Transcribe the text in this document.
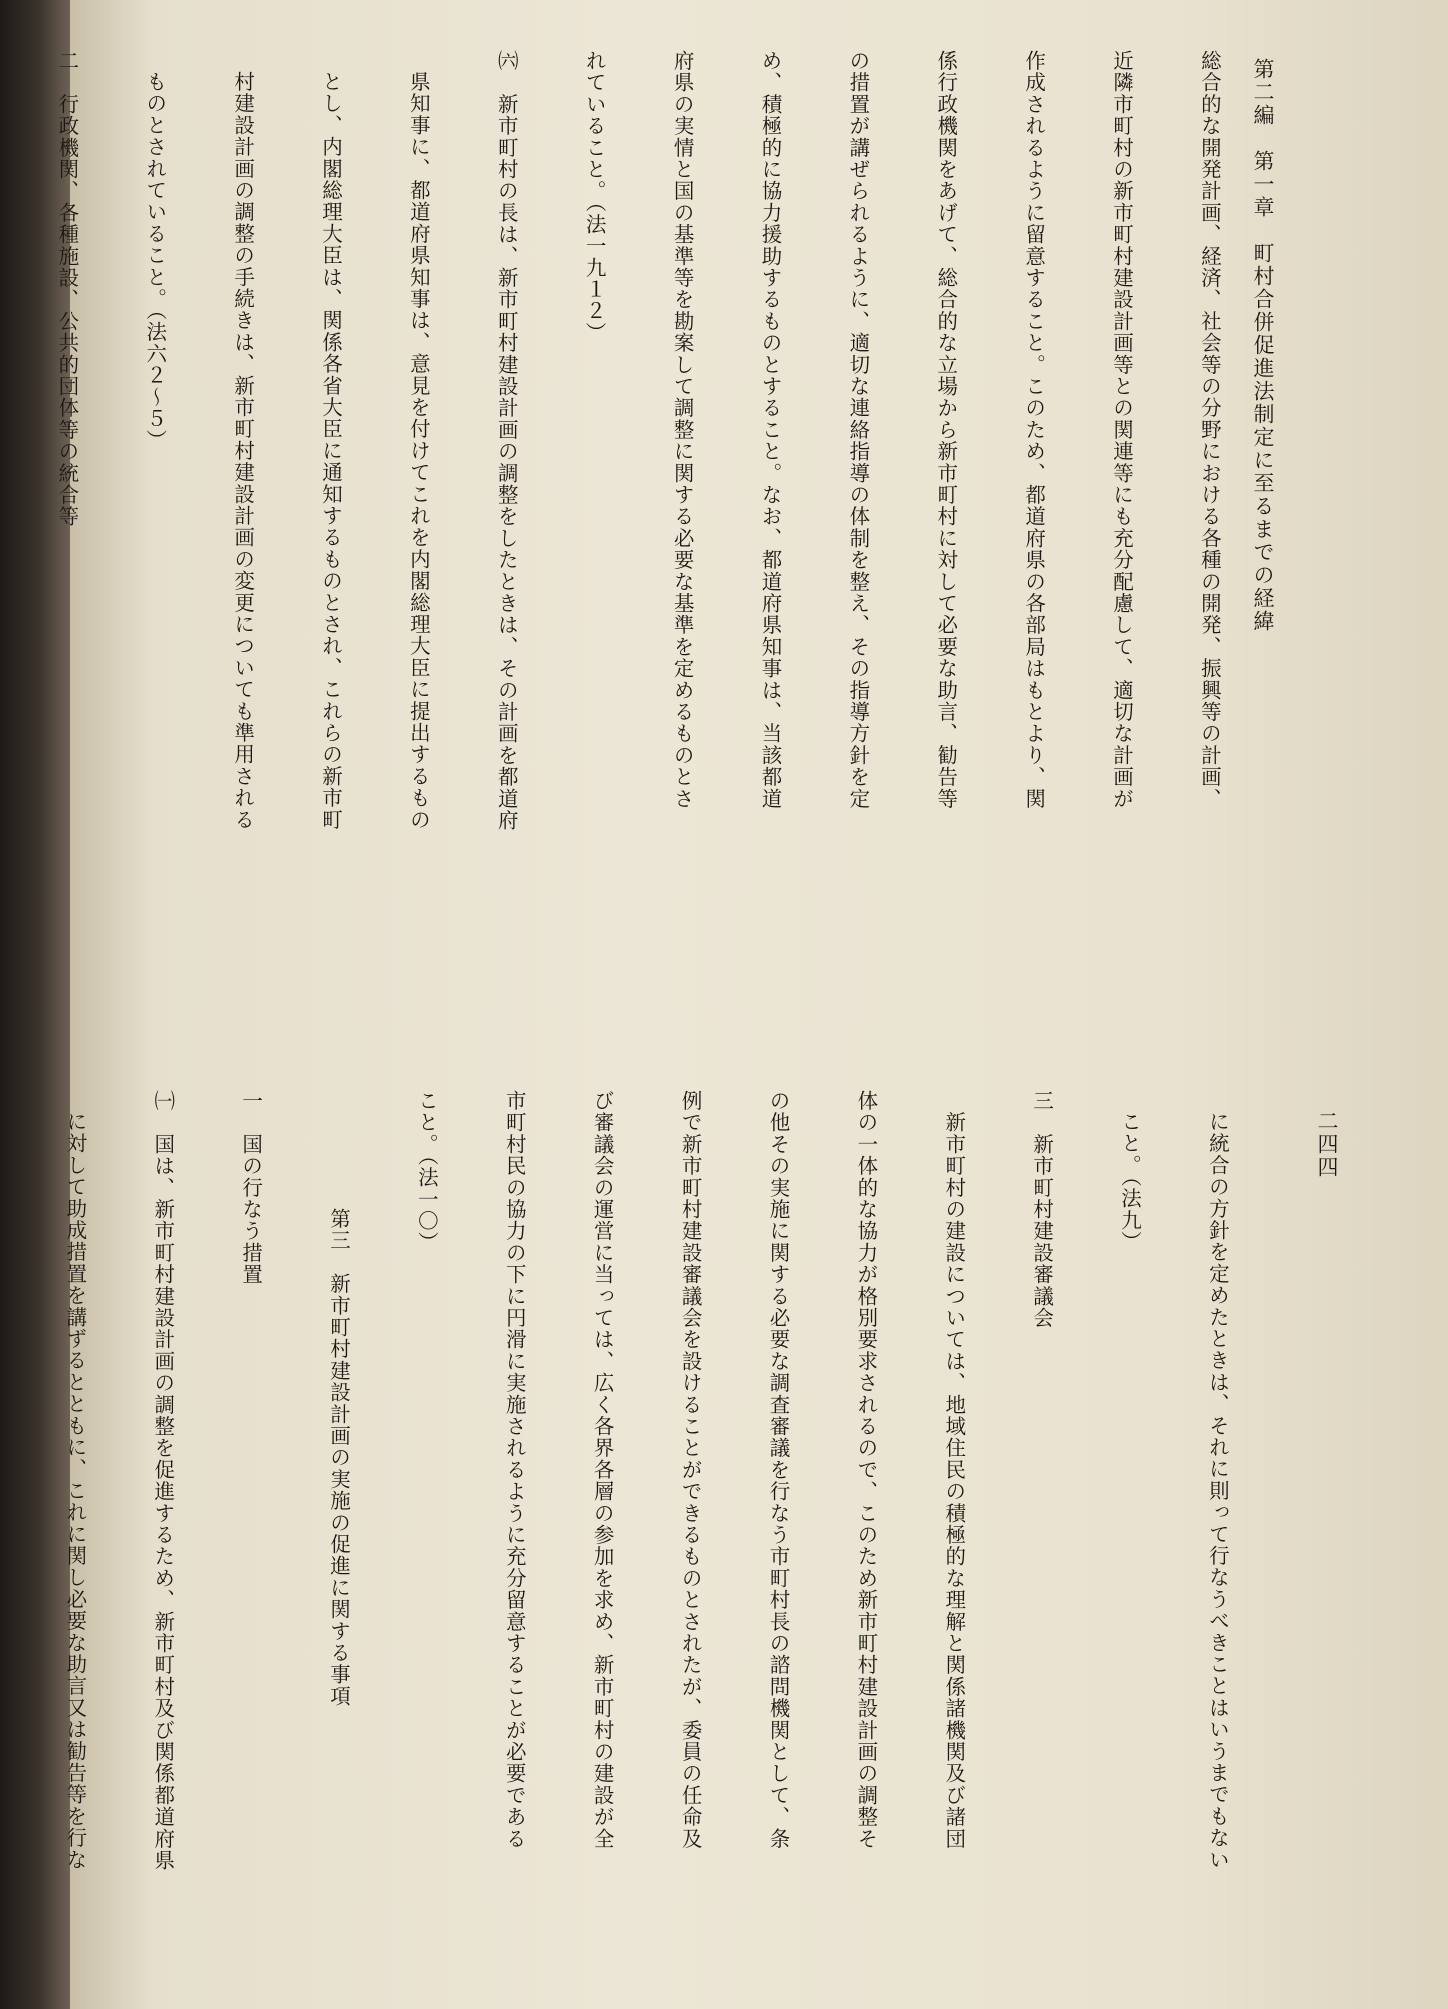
第二編　第一章　町村合併促進法制定に至るまでの経緯
二四四

総合的な開発計画、経済、社会等の分野における各種の開発、振興等の計画、

近隣市町村の新市町村建設計画等との関連等にも充分配慮して、適切な計画が

作成されるように留意すること。このため、都道府県の各部局はもとより、関

係行政機関をあげて、総合的な立場から新市町村に対して必要な助言、勧告等

の措置が講ぜられるように、適切な連絡指導の体制を整え、その指導方針を定

め、積極的に協力援助するものとすること。なお、都道府県知事は、当該都道

府県の実情と国の基準等を勘案して調整に関する必要な基準を定めるものとさ

れていること。（法一九１２）

㈥　新市町村の長は、新市町村建設計画の調整をしたときは、その計画を都道府

県知事に、都道府県知事は、意見を付けてこれを内閣総理大臣に提出するもの

とし、内閣総理大臣は、関係各省大臣に通知するものとされ、これらの新市町

村建設計画の調整の手続きは、新市町村建設計画の変更についても準用される

ものとされていること。（法六２〜５）

二　行政機関、各種施設、公共的団体等の統合等

に統合の方針を定めたときは、それに則って行なうべきことはいうまでもない

こと。（法九）

三　新市町村建設審議会

　新市町村の建設については、地域住民の積極的な理解と関係諸機関及び諸団

体の一体的な協力が格別要求されるので、このため新市町村建設計画の調整そ

の他その実施に関する必要な調査審議を行なう市町村長の諮問機関として、条

例で新市町村建設審議会を設けることができるものとされたが、委員の任命及

び審議会の運営に当っては、広く各界各層の参加を求め、新市町村の建設が全

市町村民の協力の下に円滑に実施されるように充分留意することが必要である

こと。（法一〇）

第三　新市町村建設計画の実施の促進に関する事項

一　国の行なう措置

㈠　国は、新市町村建設計画の調整を促進するため、新市町村及び関係都道府県

に対して助成措置を講ずるとともに、これに関し必要な助言又は勧告等を行な
